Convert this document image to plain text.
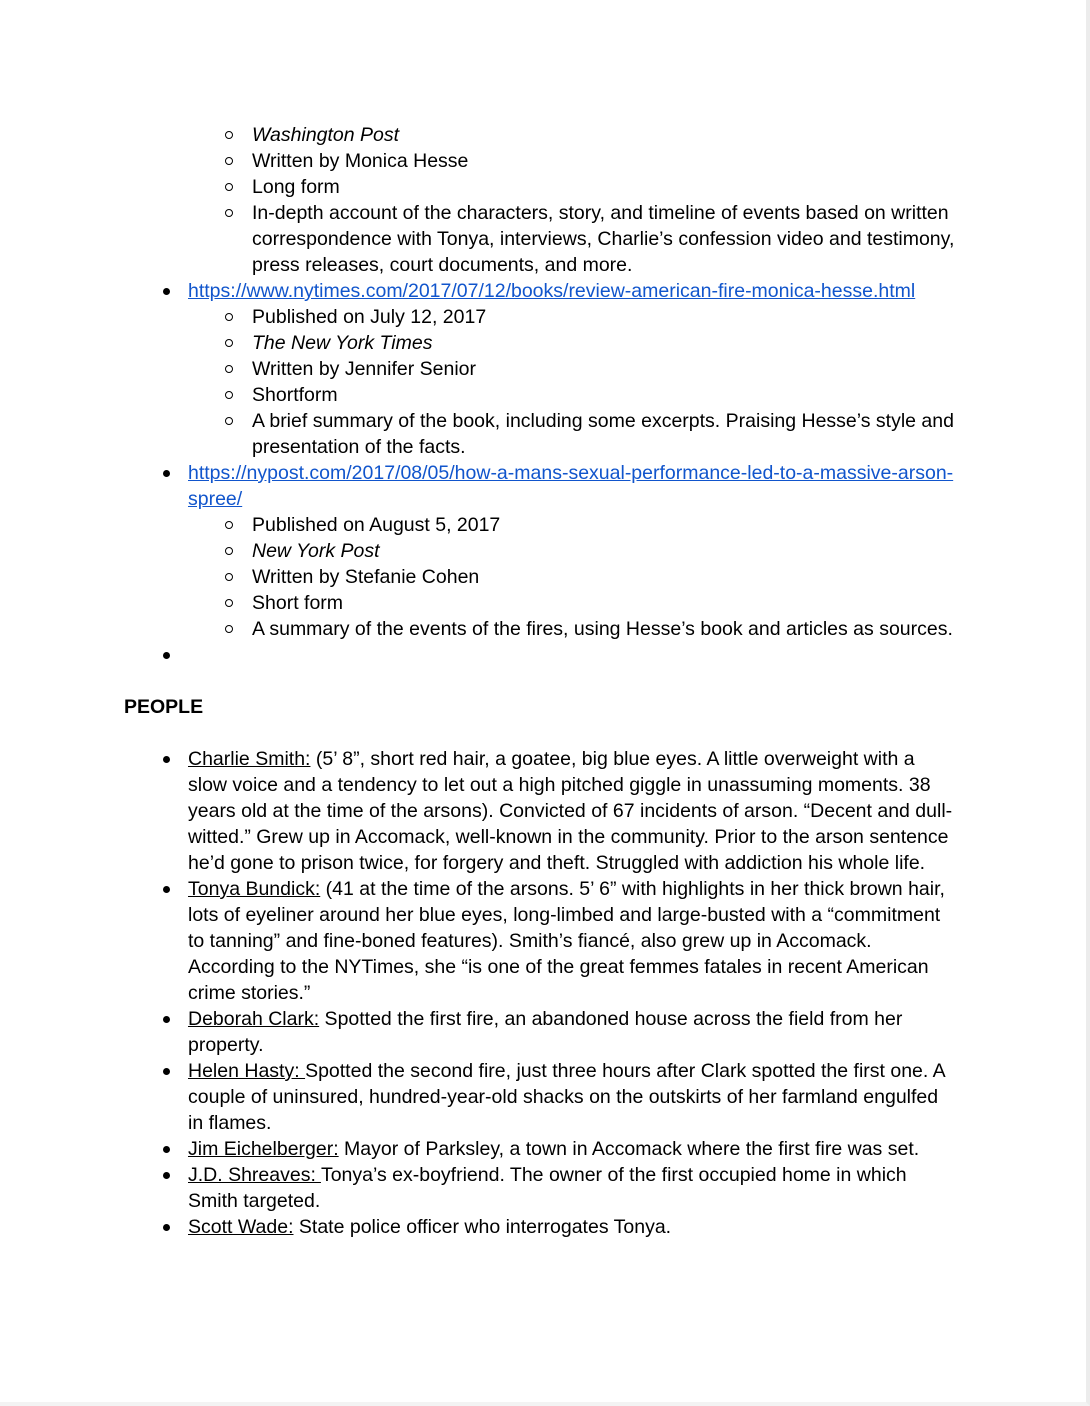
Washington Post
Written by Monica Hesse
Long form
In-depth account of the characters, story, and timeline of events based on written correspondence with Tonya, interviews, Charlie’s confession video and testimony, press releases, court documents, and more.
https://www.nytimes.com/2017/07/12/books/review-american-fire-monica-hesse.html
Published on July 12, 2017
The New York Times
Written by Jennifer Senior
Shortform
A brief summary of the book, including some excerpts. Praising Hesse’s style and presentation of the facts.
https://nypost.com/2017/08/05/how-a-mans-sexual-performance-led-to-a-massive-arson-spree/
Published on August 5, 2017
New York Post
Written by Stefanie Cohen
Short form
A summary of the events of the fires, using Hesse’s book and articles as sources.
PEOPLE
Charlie Smith: (5’ 8”, short red hair, a goatee, big blue eyes. A little overweight with a slow voice and a tendency to let out a high pitched giggle in unassuming moments. 38 years old at the time of the arsons). Convicted of 67 incidents of arson. “Decent and dull-witted.” Grew up in Accomack, well-known in the community. Prior to the arson sentence he’d gone to prison twice, for forgery and theft. Struggled with addiction his whole life.
Tonya Bundick: (41 at the time of the arsons. 5’ 6” with highlights in her thick brown hair, lots of eyeliner around her blue eyes, long-limbed and large-busted with a “commitment to tanning” and fine-boned features). Smith’s fiancé, also grew up in Accomack. According to the NYTimes, she “is one of the great femmes fatales in recent American crime stories.”
Deborah Clark: Spotted the first fire, an abandoned house across the field from her property.
Helen Hasty: Spotted the second fire, just three hours after Clark spotted the first one. A couple of uninsured, hundred-year-old shacks on the outskirts of her farmland engulfed in flames.
Jim Eichelberger: Mayor of Parksley, a town in Accomack where the first fire was set.
J.D. Shreaves: Tonya’s ex-boyfriend. The owner of the first occupied home in which Smith targeted.
Scott Wade: State police officer who interrogates Tonya.
